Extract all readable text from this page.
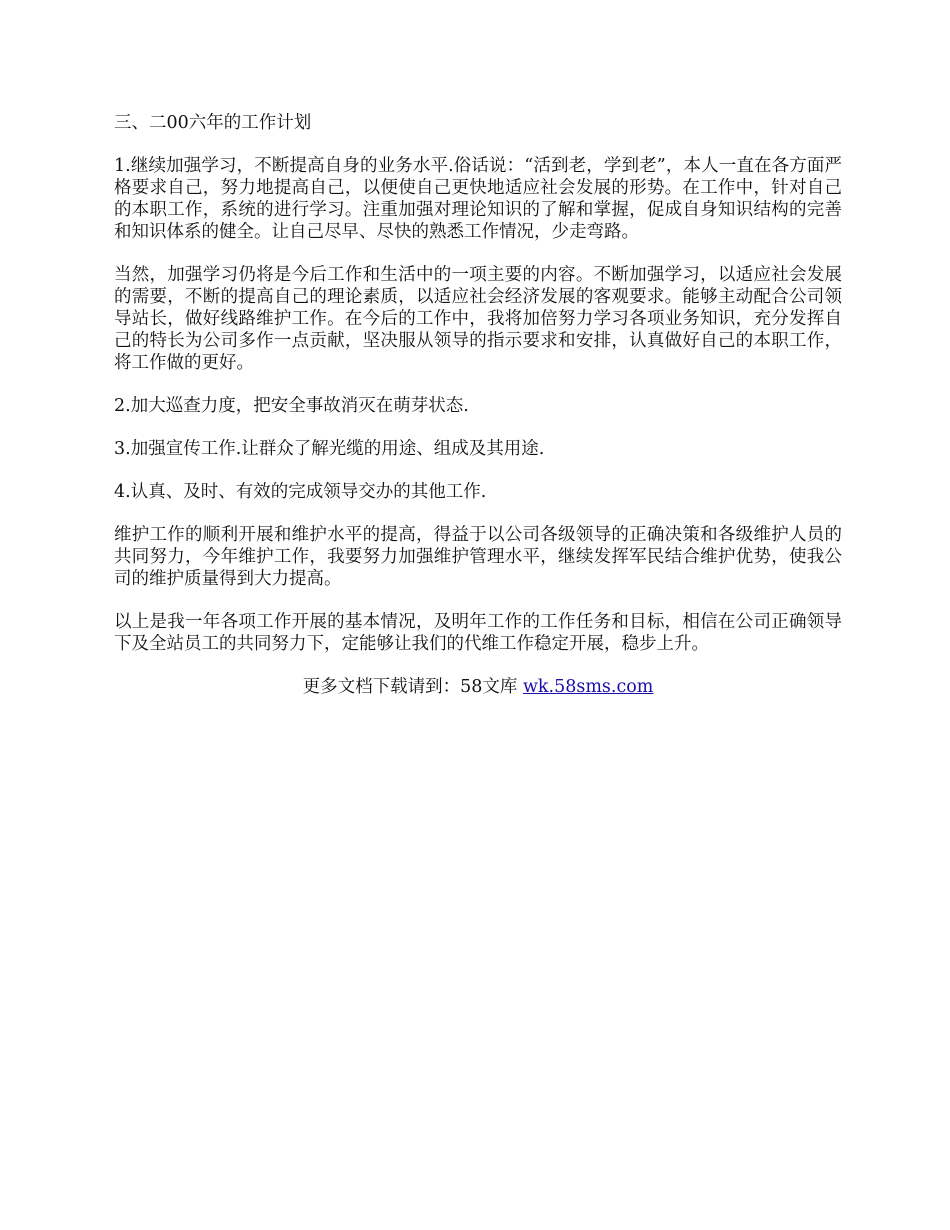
三、二00六年的工作计划

1.继续加强学习，不断提高自身的业务水平.俗话说：“活到老，学到老”，本人一直在各方面严格要求自己，努力地提高自己，以便使自己更快地适应社会发展的形势。在工作中，针对自己的本职工作，系统的进行学习。注重加强对理论知识的了解和掌握，促成自身知识结构的完善和知识体系的健全。让自己尽早、尽快的熟悉工作情况，少走弯路。

当然，加强学习仍将是今后工作和生活中的一项主要的内容。不断加强学习，以适应社会发展的需要，不断的提高自己的理论素质，以适应社会经济发展的客观要求。能够主动配合公司领导站长，做好线路维护工作。在今后的工作中，我将加倍努力学习各项业务知识，充分发挥自己的特长为公司多作一点贡献，坚决服从领导的指示要求和安排，认真做好自己的本职工作，将工作做的更好。

2.加大巡查力度，把安全事故消灭在萌芽状态.

3.加强宣传工作.让群众了解光缆的用途、组成及其用途.

4.认真、及时、有效的完成领导交办的其他工作.

维护工作的顺利开展和维护水平的提高，得益于以公司各级领导的正确决策和各级维护人员的共同努力，今年维护工作，我要努力加强维护管理水平，继续发挥军民结合维护优势，使我公司的维护质量得到大力提高。

以上是我一年各项工作开展的基本情况，及明年工作的工作任务和目标，相信在公司正确领导下及全站员工的共同努力下，定能够让我们的代维工作稳定开展，稳步上升。

更多文档下载请到：58文库 wk.58sms.com
